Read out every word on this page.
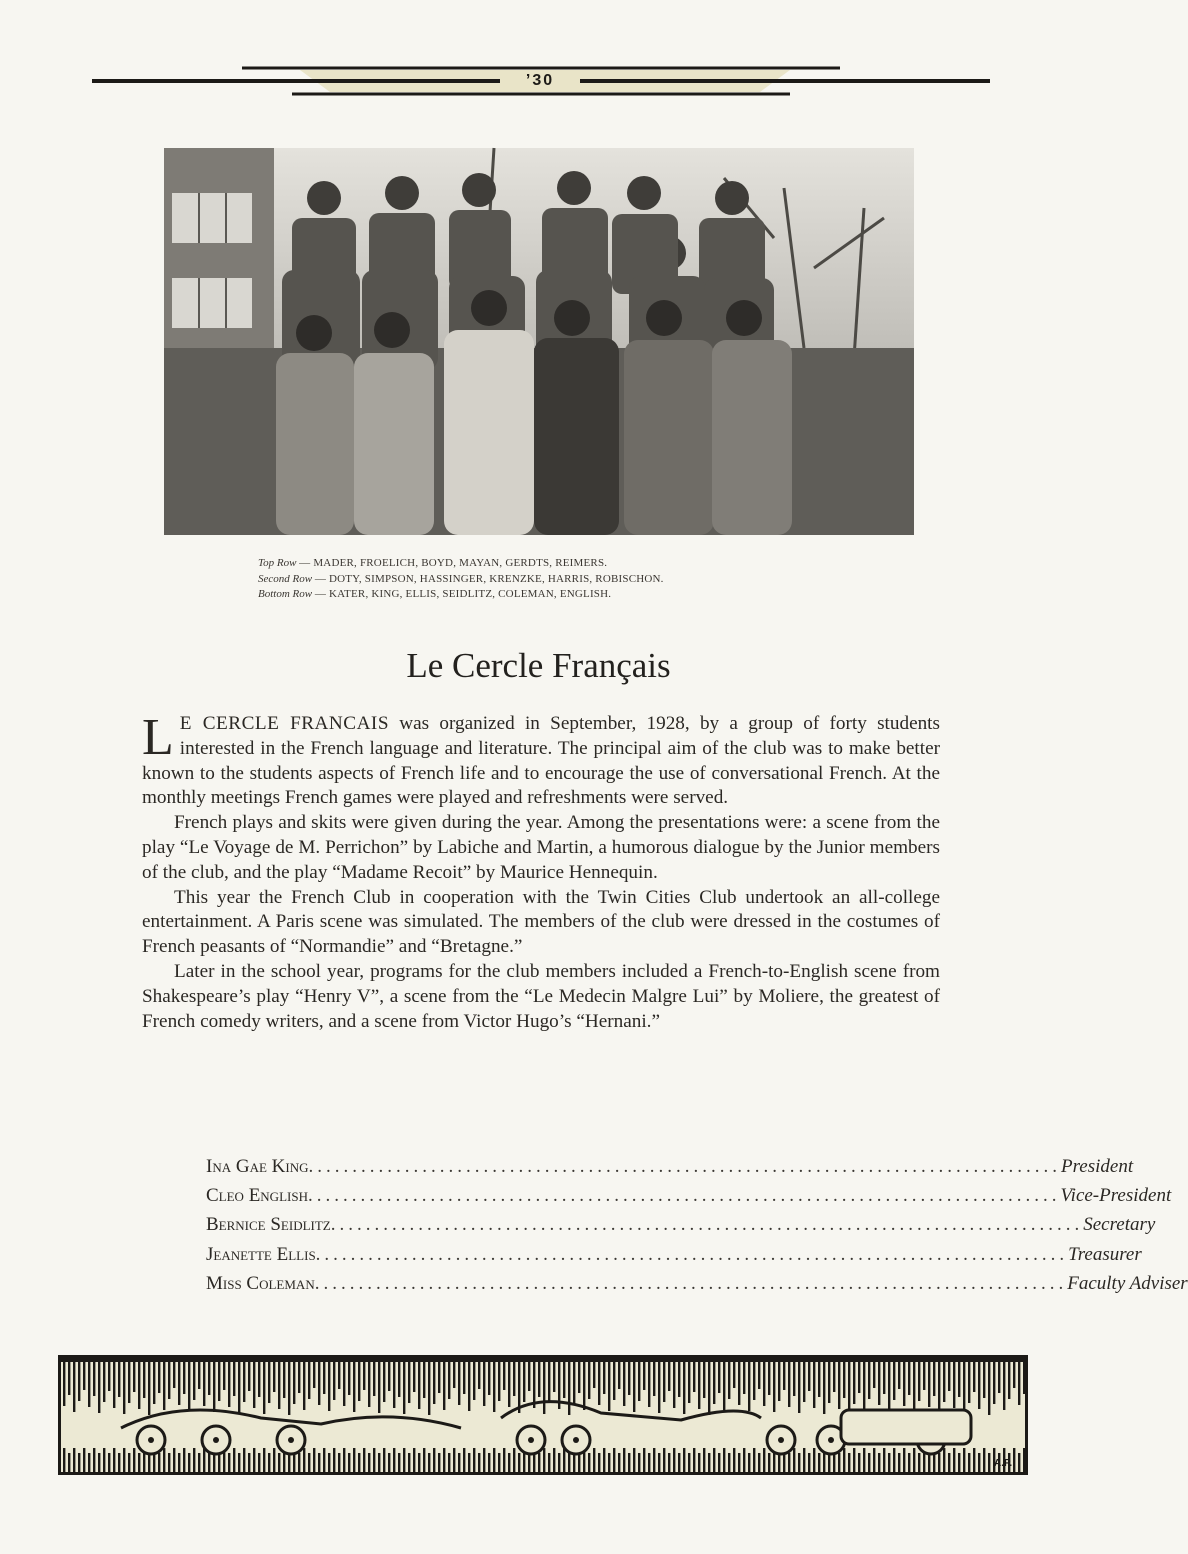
’30
Top Row — MADER, FROELICH, BOYD, MAYAN, GERDTS, REIMERS.
Second Row — DOTY, SIMPSON, HASSINGER, KRENZKE, HARRIS, ROBISCHON.
Bottom Row — KATER, KING, ELLIS, SEIDLITZ, COLEMAN, ENGLISH.
Le Cercle Français

LE CERCLE FRANCAIS was organized in September, 1928, by a group of forty students interested in the French language and literature. The principal aim of the club was to make better known to the students aspects of French life and to encourage the use of conversational French. At the monthly meetings French games were played and refreshments were served.

French plays and skits were given during the year. Among the presentations were: a scene from the play “Le Voyage de M. Perrichon” by Labiche and Martin, a humorous dialogue by the Junior members of the club, and the play “Madame Recoit” by Maurice Hennequin.

This year the French Club in cooperation with the Twin Cities Club undertook an all-college entertainment. A Paris scene was simulated. The members of the club were dressed in the costumes of French peasants of “Normandie” and “Bretagne.”

Later in the school year, programs for the club members included a French-to-English scene from Shakespeare’s play “Henry V”, a scene from the “Le Medecin Malgre Lui” by Moliere, the greatest of French comedy writers, and a scene from Victor Hugo’s “Hernani.”

Ina Gae King ...................................................................................... President
Cleo English ...................................................................................... Vice-President
Bernice Seidlitz ...................................................................................... Secretary
Jeanette Ellis ...................................................................................... Treasurer
Miss Coleman ...................................................................................... Faculty Adviser
A.P.
